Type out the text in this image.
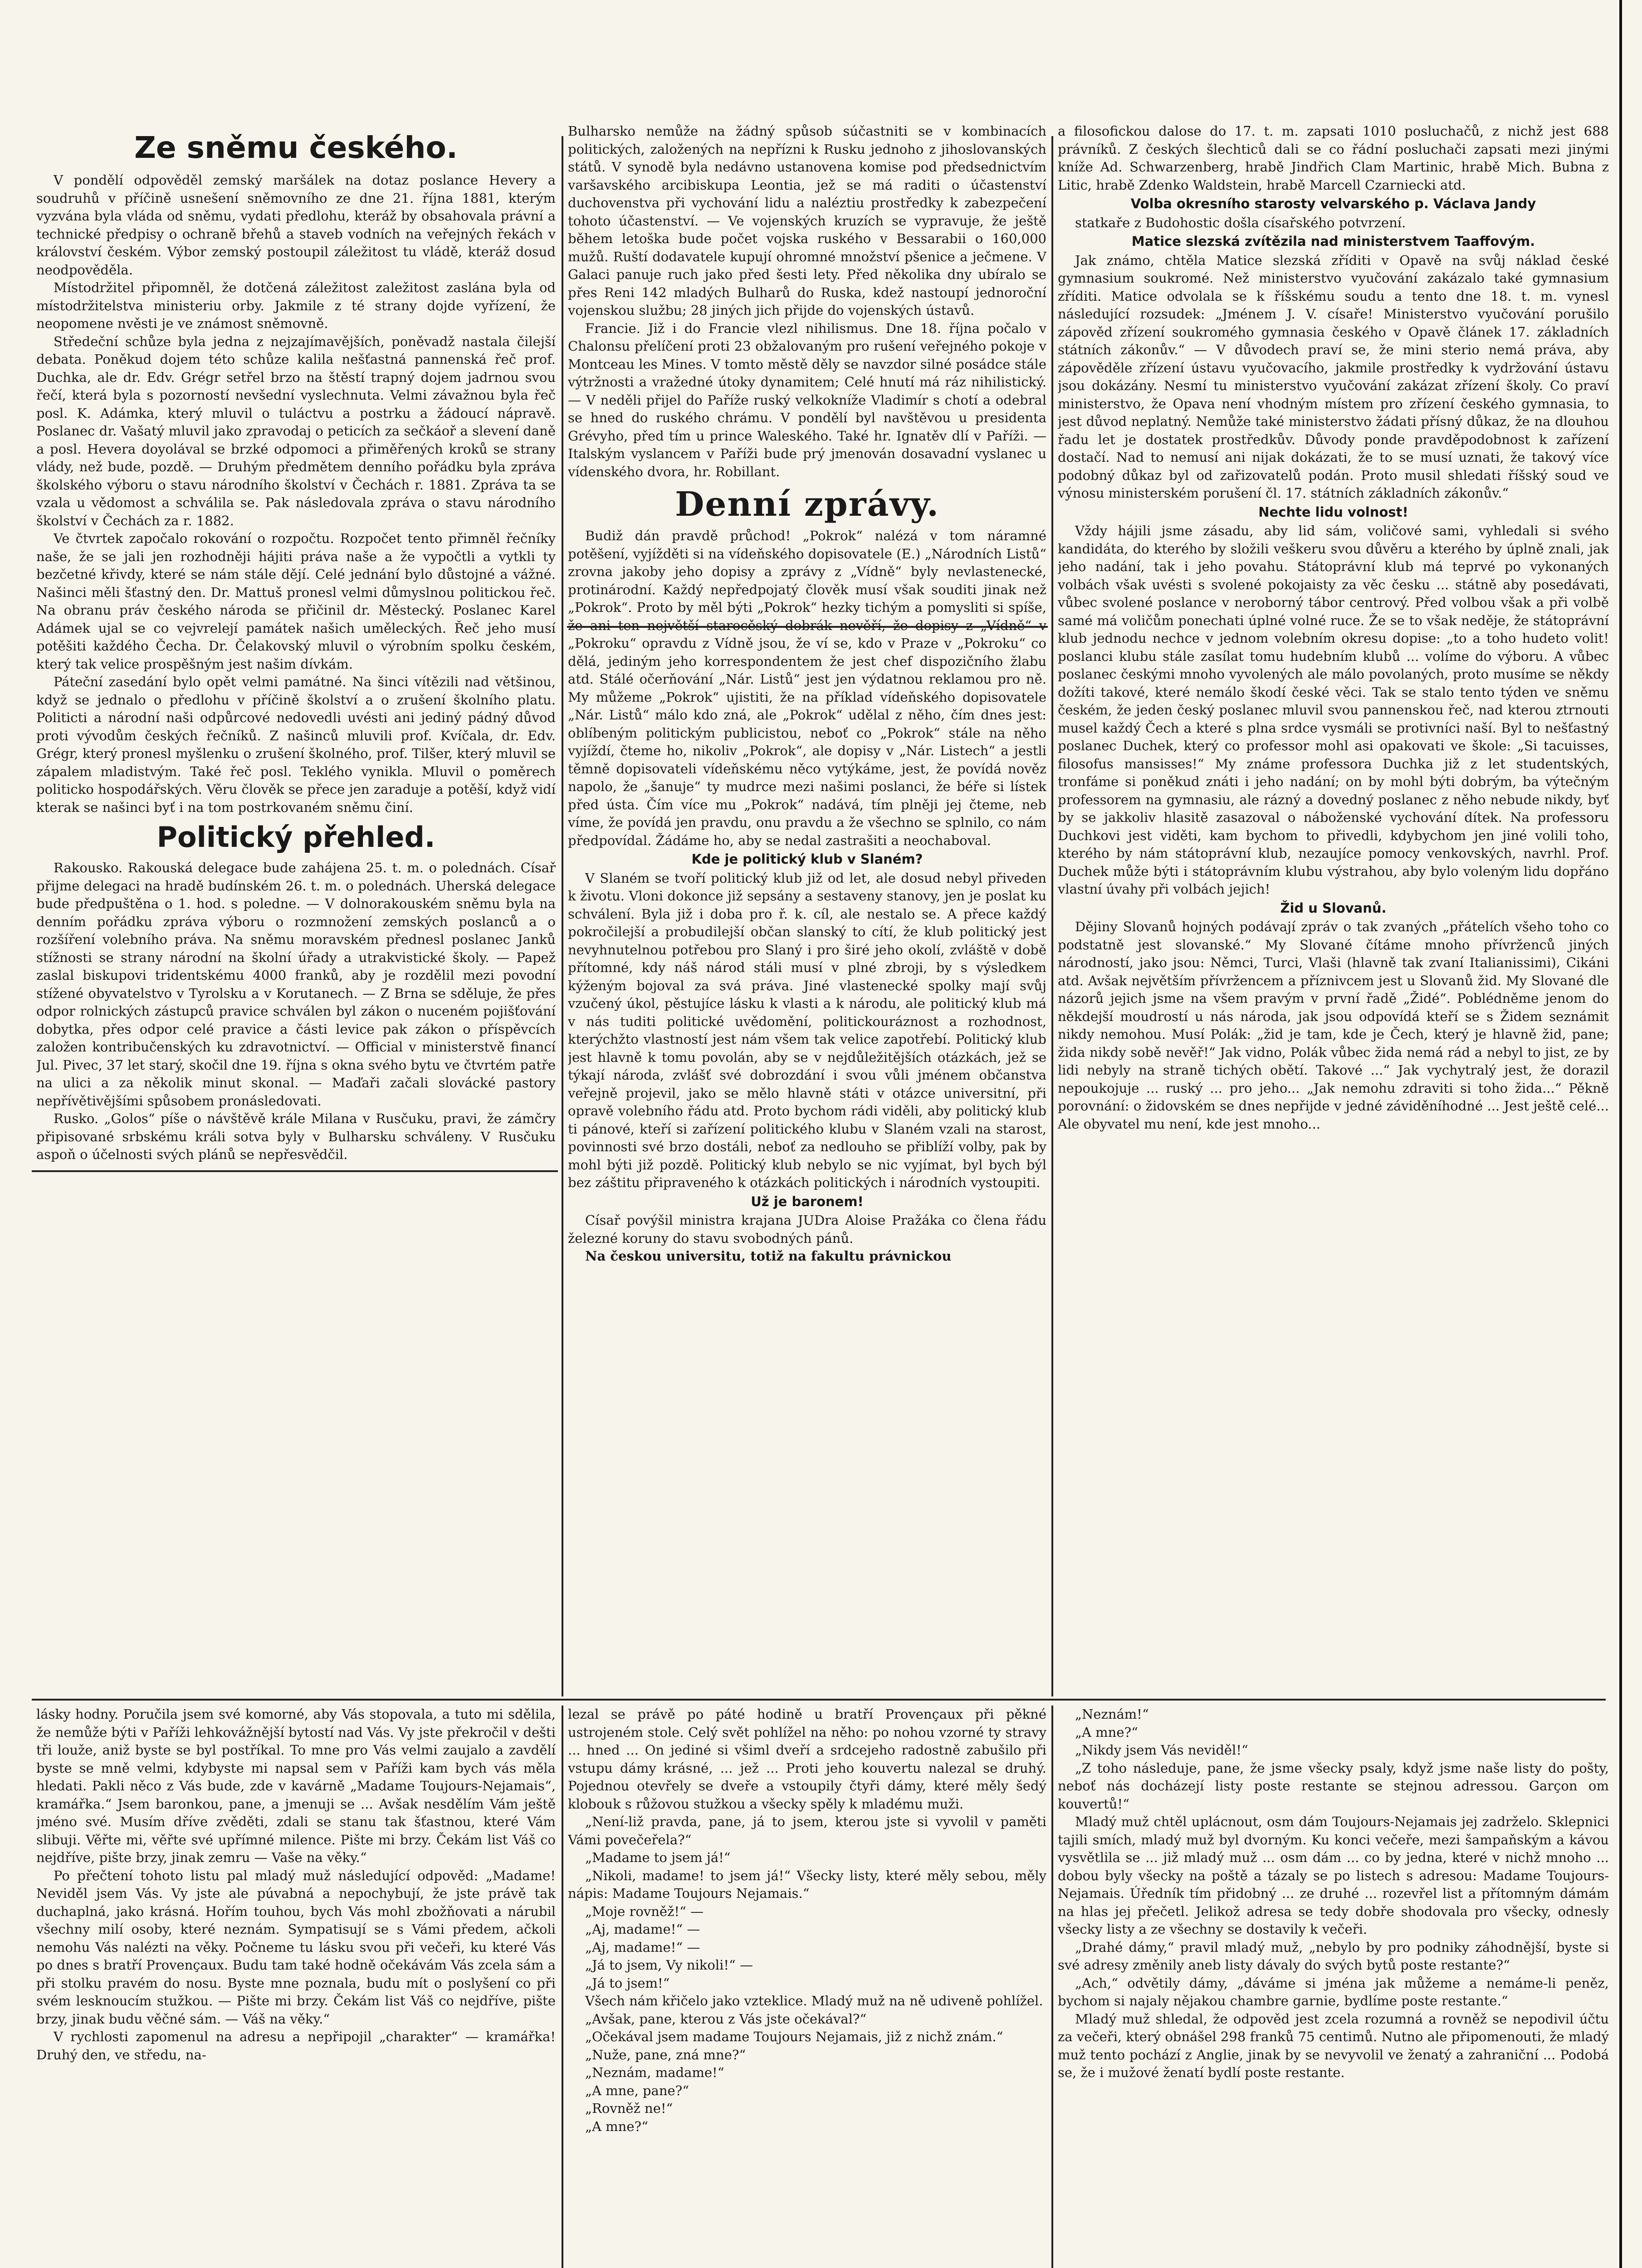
Ze sněmu českého.

V pondělí odpověděl zemský maršálek na dotaz poslance Hevery a soudruhů v příčině usnešení sněmovního ze dne 21. října 1881, kterým vyzvána byla vláda od sněmu, vydati předlohu, kteráž by obsahovala právní a technické předpisy o ochraně břehů a staveb vodních na veřejných řekách v království českém. Výbor zemský postoupil záležitost tu vládě, kteráž dosud neodpověděla.

Místodržitel připomněl, že dotčená záležitost zaležitost zaslána byla od místodržitelstva ministeriu orby. Jakmile z té strany dojde vyřízení, že neopomene nvěsti je ve známost sněmovně.

Středeční schůze byla jedna z nejzajímavějších, poněvadž nastala čilejší debata. Poněkud dojem této schůze kalila nešťastná pannenská řeč prof. Duchka, ale dr. Edv. Grégr setřel brzo na štěstí trapný dojem jadrnou svou řečí, která byla s pozorností nevšední vyslechnuta. Velmi závažnou byla řeč posl. K. Adámka, který mluvil o tuláctvu a postrku a žádoucí nápravě. Poslanec dr. Vašatý mluvil jako zpravodaj o peticích za sečkáoř a slevení daně a posl. Hevera doyolával se brzké odpomoci a přiměřených kroků se strany vlády, než bude, pozdě. — Druhým předmětem denního pořádku byla zpráva školského výboru o stavu národního školství v Čechách r. 1881. Zpráva ta se vzala u vědomost a schválila se. Pak následovala zpráva o stavu národního školství v Čechách za r. 1882.

Ve čtvrtek započalo rokování o rozpočtu. Rozpočet tento přimněl řečníky naše, že se jali jen rozhodněji hájiti práva naše a že vypočtli a vytkli ty bezčetné křivdy, které se nám stále dějí. Celé jednání bylo důstojné a vážné. Našinci měli šťastný den. Dr. Mattuš pronesl velmi důmyslnou politickou řeč. Na obranu práv českého národa se přičinil dr. Městecký. Poslanec Karel Adámek ujal se co vejvrelejí památek našich uměleckých. Řeč jeho musí potěšiti každého Čecha. Dr. Čelakovský mluvil o výrobním spolku českém, který tak velice prospěšným jest našim dívkám.

Páteční zasedání bylo opět velmi památné. Na šinci vítězili nad většinou, když se jednalo o předlohu v příčině školství a o zrušení školního platu. Politicti a národní naši odpůrcové nedovedli uvésti ani jediný pádný důvod proti vývodům českých řečníků. Z našinců mluvili prof. Kvíčala, dr. Edv. Grégr, který pronesl myšlenku o zrušení školného, prof. Tilšer, který mluvil se zápalem mladistvým. Také řeč posl. Teklého vynikla. Mluvil o poměrech politicko hospodářských. Věru člověk se přece jen zaraduje a potěší, když vidí kterak se našinci byť i na tom postrkovaném sněmu činí.

Politický přehled.

Rakousko. Rakouská delegace bude zahájena 25. t. m. o polednách. Císař přijme delegaci na hradě budínském 26. t. m. o polednách. Uherská delegace bude předpuštěna o 1. hod. s poledne. — V dolnorakouském sněmu byla na denním pořádku zpráva výboru o rozmnožení zemských poslanců a o rozšíření volebního práva. Na sněmu moravském přednesl poslanec Janků stížnosti se strany národní na školní úřady a utrakvistické školy. — Papež zaslal biskupovi tridentskému 4000 franků, aby je rozdělil mezi povodní stížené obyvatelstvo v Tyrolsku a v Korutanech. — Z Brna se sděluje, že přes odpor rolnických zástupců pravice schválen byl zákon o nuceném pojišťování dobytka, přes odpor celé pravice a části levice pak zákon o příspěvcích založen kontribučenských ku zdravotnictví. — Official v ministerstvě financí Jul. Pivec, 37 let starý, skočil dne 19. října s okna svého bytu ve čtvrtém patře na ulici a za několik minut skonal. — Maďaři začali slovácké pastory nepřívětivějšími spůsobem pronásledovati.

Rusko. „Golos“ píše o návštěvě krále Milana v Rusčuku, pravi, že zámčry připisované srbskému králi sotva byly v Bulharsku schváleny. V Rusčuku aspoň o účelnosti svých plánů se nepřesvědčil.

Bulharsko nemůže na žádný spůsob súčastniti se v kombinacích politických, založených na nepřízni k Rusku jednoho z jihoslovanských států. V synodě byla nedávno ustanovena komise pod předsednictvím varšavského arcibiskupa Leontia, jež se má raditi o účastenství duchovenstva při vychování lidu a naléztiu prostředky k zabezpečení tohoto účastenství. — Ve vojenských kruzích se vypravuje, že ještě během letoška bude počet vojska ruského v Bessarabii o 160,000 mužů. Ruští dodavatele kupují ohromné množství pšenice a ječmene. V Galaci panuje ruch jako před šesti lety. Před několika dny ubíralo se přes Reni 142 mladých Bulharů do Ruska, kdež nastoupí jednoroční vojenskou službu; 28 jiných jich přijde do vojenských ústavů.

Francie. Již i do Francie vlezl nihilismus. Dne 18. října počalo v Chalonsu přelíčení proti 23 obžalovaným pro rušení veřejného pokoje v Montceau les Mines. V tomto městě děly se navzdor silné posádce stále výtržnosti a vražedné útoky dynamitem; Celé hnutí má ráz nihilistický. — V neděli přijel do Paříže ruský velkokníže Vladimír s chotí a odebral se hned do ruského chrámu. V pondělí byl navštěvou u presidenta Grévyho, před tím u prince Waleského. Také hr. Ignatěv dlí v Paříži. — Italským vyslancem v Paříži bude prý jmenován dosavadní vyslanec u vídenského dvora, hr. Robillant.

Denní zprávy.

Budiž dán pravdě průchod! „Pokrok“ nalézá v tom náramné potěšení, vyjížděti si na vídeňského dopisovatele (E.) „Národních Listů“ zrovna jakoby jeho dopisy a zprávy z „Vídně“ byly nevlastenecké, protinárodní. Každý nepředpojatý člověk musí však souditi jinak než „Pokrok“. Proto by měl býti „Pokrok“ hezky tichým a pomysliti si spíše, že ani ten největší starocěský dobrák nevěří, že dopisy z „Vídně“ v „Pokroku“ opravdu z Vídně jsou, že ví se, kdo v Praze v „Pokroku“ co dělá, jediným jeho korrespondentem že jest chef dispozičního žlabu atd. Stálé očerňování „Nár. Listů“ jest jen výdatnou reklamou pro ně. My můžeme „Pokrok“ ujistiti, že na příklad vídeňského dopisovatele „Nár. Listů“ málo kdo zná, ale „Pokrok“ udělal z něho, čím dnes jest: oblíbeným politickým publicistou, neboť co „Pokrok“ stále na něho vyjíždí, čteme ho, nikoliv „Pokrok“, ale dopisy v „Nár. Listech“ a jestli těmně dopisovateli vídeňskému něco vytýkáme, jest, že povídá nověz napolo, že „šanuje“ ty mudrce mezi našimi poslanci, že béře si lístek před ústa. Čím více mu „Pokrok“ nadává, tím plněji jej čteme, neb víme, že povídá jen pravdu, onu pravdu a že všechno se splnilo, co nám předpovídal. Žádáme ho, aby se nedal zastrašiti a neochaboval.

Kde je politický klub v Slaném?

V Slaném se tvoří politický klub již od let, ale dosud nebyl přiveden k životu. Vloni dokonce již sepsány a sestaveny stanovy, jen je poslat ku schválení. Byla již i doba pro ř. k. cíl, ale nestalo se. A přece každý pokročilejší a probudilejší občan slanský to cítí, že klub politický jest nevyhnutelnou potřebou pro Slaný i pro širé jeho okolí, zvláště v době přítomné, kdy náš národ stáli musí v plné zbroji, by s výsledkem kýženým bojoval za svá práva. Jiné vlastenecké spolky mají svůj vzučený úkol, pěstujíce lásku k vlasti a k národu, ale politický klub má v nás tuditi politické uvědomění, politickouráznost a rozhodnost, kterýchžto vlastností jest nám všem tak velice zapotřebí. Politický klub jest hlavně k tomu povolán, aby se v nejdůležitějších otázkách, jež se týkají národa, zvlášť své dobrozdání i svou vůli jménem občanstva veřejně projevil, jako se mělo hlavně státi v otázce universitní, při opravě volebního řádu atd. Proto bychom rádi viděli, aby politický klub ti pánové, kteří si zařízení politického klubu v Slaném vzali na starost, povinnosti své brzo dostáli, neboť za nedlouho se přiblíží volby, pak by mohl býti již pozdě. Politický klub nebylo se nic vyjímat, byl bych býl bez záštitu připraveného k otázkách politických i národních vystoupiti.

Už je baronem!

Císař povýšil ministra krajana JUDra Aloise Pražáka co člena řádu železné koruny do stavu svobodných pánů.

Na českou universitu, totiž na fakultu právnickou

a filosofickou dalose do 17. t. m. zapsati 1010 posluchačů, z nichž jest 688 právníků. Z českých šlechticů dali se co řádní posluchači zapsati mezi jinými kníže Ad. Schwarzenberg, hrabě Jindřich Clam Martinic, hrabě Mich. Bubna z Litic, hrabě Zdenko Waldstein, hrabě Marcell Czarniecki atd.

Volba okresního starosty velvarského p. Václava Jandy

statkaře z Budohostic došla císařského potvrzení.

Matice slezská zvítězila nad ministerstvem Taaffovým.

Jak známo, chtěla Matice slezská zříditi v Opavě na svůj náklad české gymnasium soukromé. Než ministerstvo vyučování zakázalo také gymnasium zříditi. Matice odvolala se k říšskému soudu a tento dne 18. t. m. vynesl následující rozsudek: „Jménem J. V. císaře! Ministerstvo vyučování porušilo zápověd zřízení soukromého gymnasia českého v Opavě článek 17. základních státních zákonův.“ — V důvodech praví se, že mini sterio nemá práva, aby zápověděle zřízení ústavu vyučovacího, jakmile prostředky k vydržování ústavu jsou dokázány. Nesmí tu ministerstvo vyučování zakázat zřízení školy. Co praví ministerstvo, že Opava není vhodným místem pro zřízení českého gymnasia, to jest důvod neplatný. Nemůže také ministerstvo žádati přísný důkaz, že na dlouhou řadu let je dostatek prostředkův. Důvody ponde pravděpodobnost k zařízení dostačí. Nad to nemusí ani nijak dokázati, že to se musí uznati, že takový více podobný důkaz byl od zařizovatelů podán. Proto musil shledati říšský soud ve výnosu ministerském porušení čl. 17. státních základních zákonův.“

Nechte lidu volnost!

Vždy hájili jsme zásadu, aby lid sám, voličové sami, vyhledali si svého kandidáta, do kterého by složili veškeru svou důvěru a kterého by úplně znali, jak jeho nadání, tak i jeho povahu. Státoprávní klub má teprvé po vykonaných volbách však uvésti s svolené pokojaisty za věc česku ... státně aby posedávati, vůbec svolené poslance v neroborný tábor centrový. Před volbou však a při volbě samé má voličům ponechati úplné volné ruce. Že se to však neděje, že státoprávní klub jednodu nechce v jednom volebním okresu dopise: „to a toho hudeto volit! poslanci klubu stále zasílat tomu hudebním klubů ... volíme do výboru. A vůbec poslanec českými mnoho vyvolených ale málo povolaných, proto musíme se někdy dožíti takové, které nemálo škodí české věci. Tak se stalo tento týden ve sněmu českém, že jeden český poslanec mluvil svou pannenskou řeč, nad kterou ztrnouti musel každý Čech a které s plna srdce vysmáli se protivníci naší. Byl to nešťastný poslanec Duchek, který co professor mohl asi opakovati ve škole: „Si tacuisses, filosofus mansisses!“ My známe professora Duchka již z let studentských, tronfáme si poněkud znáti i jeho nadání; on by mohl býti dobrým, ba výtečným professorem na gymnasiu, ale rázný a dovedný poslanec z něho nebude nikdy, byť by se jakkoliv hlasitě zasazoval o náboženské vychování dítek. Na professoru Duchkovi jest viděti, kam bychom to přivedli, kdybychom jen jiné volili toho, kterého by nám státoprávní klub, nezaujíce pomocy venkovských, navrhl. Prof. Duchek může býti i státoprávním klubu výstrahou, aby bylo voleným lidu dopřáno vlastní úvahy při volbách jejich!

Žid u Slovanů.

Dějiny Slovanů hojných podávají zpráv o tak zvaných „přátelích všeho toho co podstatně jest slovanské.“ My Slované čítáme mnoho přívrženců jiných národností, jako jsou: Němci, Turci, Vlaši (hlavně tak zvaní Italianissimi), Cikáni atd. Avšak největším přívržencem a příznivcem jest u Slovanů žid. My Slované dle názorů jejich jsme na všem pravým v první řadě „Židé“. Poblédněme jenom do někdejší moudrostí u nás národa, jak jsou odpovídá kteří se s Židem seznámit nikdy nemohou. Musí Polák: „žid je tam, kde je Čech, který je hlavně žid, pane; žida nikdy sobě nevěř!“ Jak vidno, Polák vůbec žida nemá rád a nebyl to jist, ze by lidi nebyly na straně tichých obětí. Takové ...“ Jak vychytralý jest, že dorazil nepoukojuje ... ruský ... pro jeho... „Jak nemohu zdraviti si toho žida...“ Pěkně porovnání: o židovském se dnes nepřijde v jedné záviděníhodné ... Jest ještě celé... Ale obyvatel mu není, kde jest mnoho...

lásky hodny. Poručila jsem své komorné, aby Vás stopovala, a tuto mi sdělila, že nemůže býti v Paříži lehkovážnější bytostí nad Vás. Vy jste překročil v dešti tři louže, aniž byste se byl postříkal. To mne pro Vás velmi zaujalo a zavdělí byste se mně velmi, kdybyste mi napsal sem v Paříži kam bych vás měla hledati. Pakli něco z Vás bude, zde v kavárně „Madame Toujours-Nejamais“, kramářka.“ Jsem baronkou, pane, a jmenuji se ... Avšak nesdělím Vám ještě jméno své. Musím dříve zvěděti, zdali se stanu tak šťastnou, které Vám slibuji. Věřte mi, věřte své upřímné milence. Pište mi brzy. Čekám list Váš co nejdříve, pište brzy, jinak zemru — Vaše na věky.“

Po přečtení tohoto listu pal mladý muž následující odpověd: „Madame! Neviděl jsem Vás. Vy jste ale púvabná a nepochybují, že jste právě tak duchaplná, jako krásná. Hořím touhou, bych Vás mohl zbožňovati a nárubil všechny milí osoby, které neznám. Sympatisují se s Vámi předem, ačkoli nemohu Vás nalézti na věky. Počneme tu lásku svou při večeři, ku které Vás po dnes s bratří Provençaux. Budu tam také hodně očekávám Vás zcela sám a při stolku pravém do nosu. Byste mne poznala, budu mít o poslyšení co při svém lesknoucím stužkou. — Pište mi brzy. Čekám list Váš co nejdříve, pište brzy, jinak budu věčné sám. — Váš na věky.“

V rychlosti zapomenul na adresu a nepřipojil „charakter“ — kramářka! Druhý den, ve středu, na-

lezal se právě po páté hodině u bratří Provençaux při pěkné ustrojeném stole. Celý svět pohlížel na něho: po nohou vzorné ty stravy ... hned ... On jediné si všiml dveří a srdcejeho radostně zabušilo při vstupu dámy krásné, ... jež ... Proti jeho kouvertu nalezal se druhý. Pojednou otevřely se dveře a vstoupily čtyři dámy, které měly šedý klobouk s růžovou stužkou a všecky spěly k mladému muži.

„Není-liž pravda, pane, já to jsem, kterou jste si vyvolil v paměti Vámi povečeřela?“

„Madame to jsem já!“

„Nikoli, madame! to jsem já!“ Všecky listy, které měly sebou, měly nápis: Madame Toujours Nejamais.“

„Moje rovněž!“ —

„Aj, madame!“ —

„Aj, madame!“ —

„Já to jsem, Vy nikoli!“ —

„Já to jsem!“

Všech nám křičelo jako vzteklice. Mladý muž na ně udiveně pohlížel.

„Avšak, pane, kterou z Vás jste očekával?“

„Očekával jsem madame Toujours Nejamais, již z nichž znám.“

„Nuže, pane, zná mne?“

„Neznám, madame!“

„A mne, pane?“

„Rovněž ne!“

„A mne?“

„Neznám!“

„A mne?“

„Nikdy jsem Vás neviděl!“

„Z toho následuje, pane, že jsme všecky psaly, když jsme naše listy do pošty, neboť nás docházejí listy poste restante se stejnou adressou. Garçon om kouvertů!“

Mladý muž chtěl uplácnout, osm dám Toujours-Nejamais jej zadrželo. Sklepnici tajili smích, mladý muž byl dvorným. Ku konci večeře, mezi šampaňským a kávou vysvětlila se ... již mladý muž ... osm dám ... co by jedna, které v nichž mnoho ... dobou byly všecky na poště a tázaly se po listech s adresou: Madame Toujours-Nejamais. Úředník tím přidobný ... ze druhé ... rozevřel list a přítomným dámám na hlas jej přečetl. Jelikož adresa se tedy dobře shodovala pro všecky, odnesly všecky listy a ze všechny se dostavily k večeři.

„Drahé dámy,“ pravil mladý muž, „nebylo by pro podniky záhodnější, byste si své adresy změnily aneb listy dávaly do svých bytů poste restante?“

„Ach,“ odvětily dámy, „dáváme si jména jak můžeme a nemáme-li peněz, bychom si najaly nějakou chambre garnie, bydlíme poste restante.“

Mladý muž shledal, že odpověd jest zcela rozumná a rovněž se nepodivil účtu za večeři, který obnášel 298 franků 75 centimů. Nutno ale připomenouti, že mladý muž tento pochází z Anglie, jinak by se nevyvolil ve ženatý a zahraniční ... Podobá se, že i mužové ženatí bydlí poste restante.
